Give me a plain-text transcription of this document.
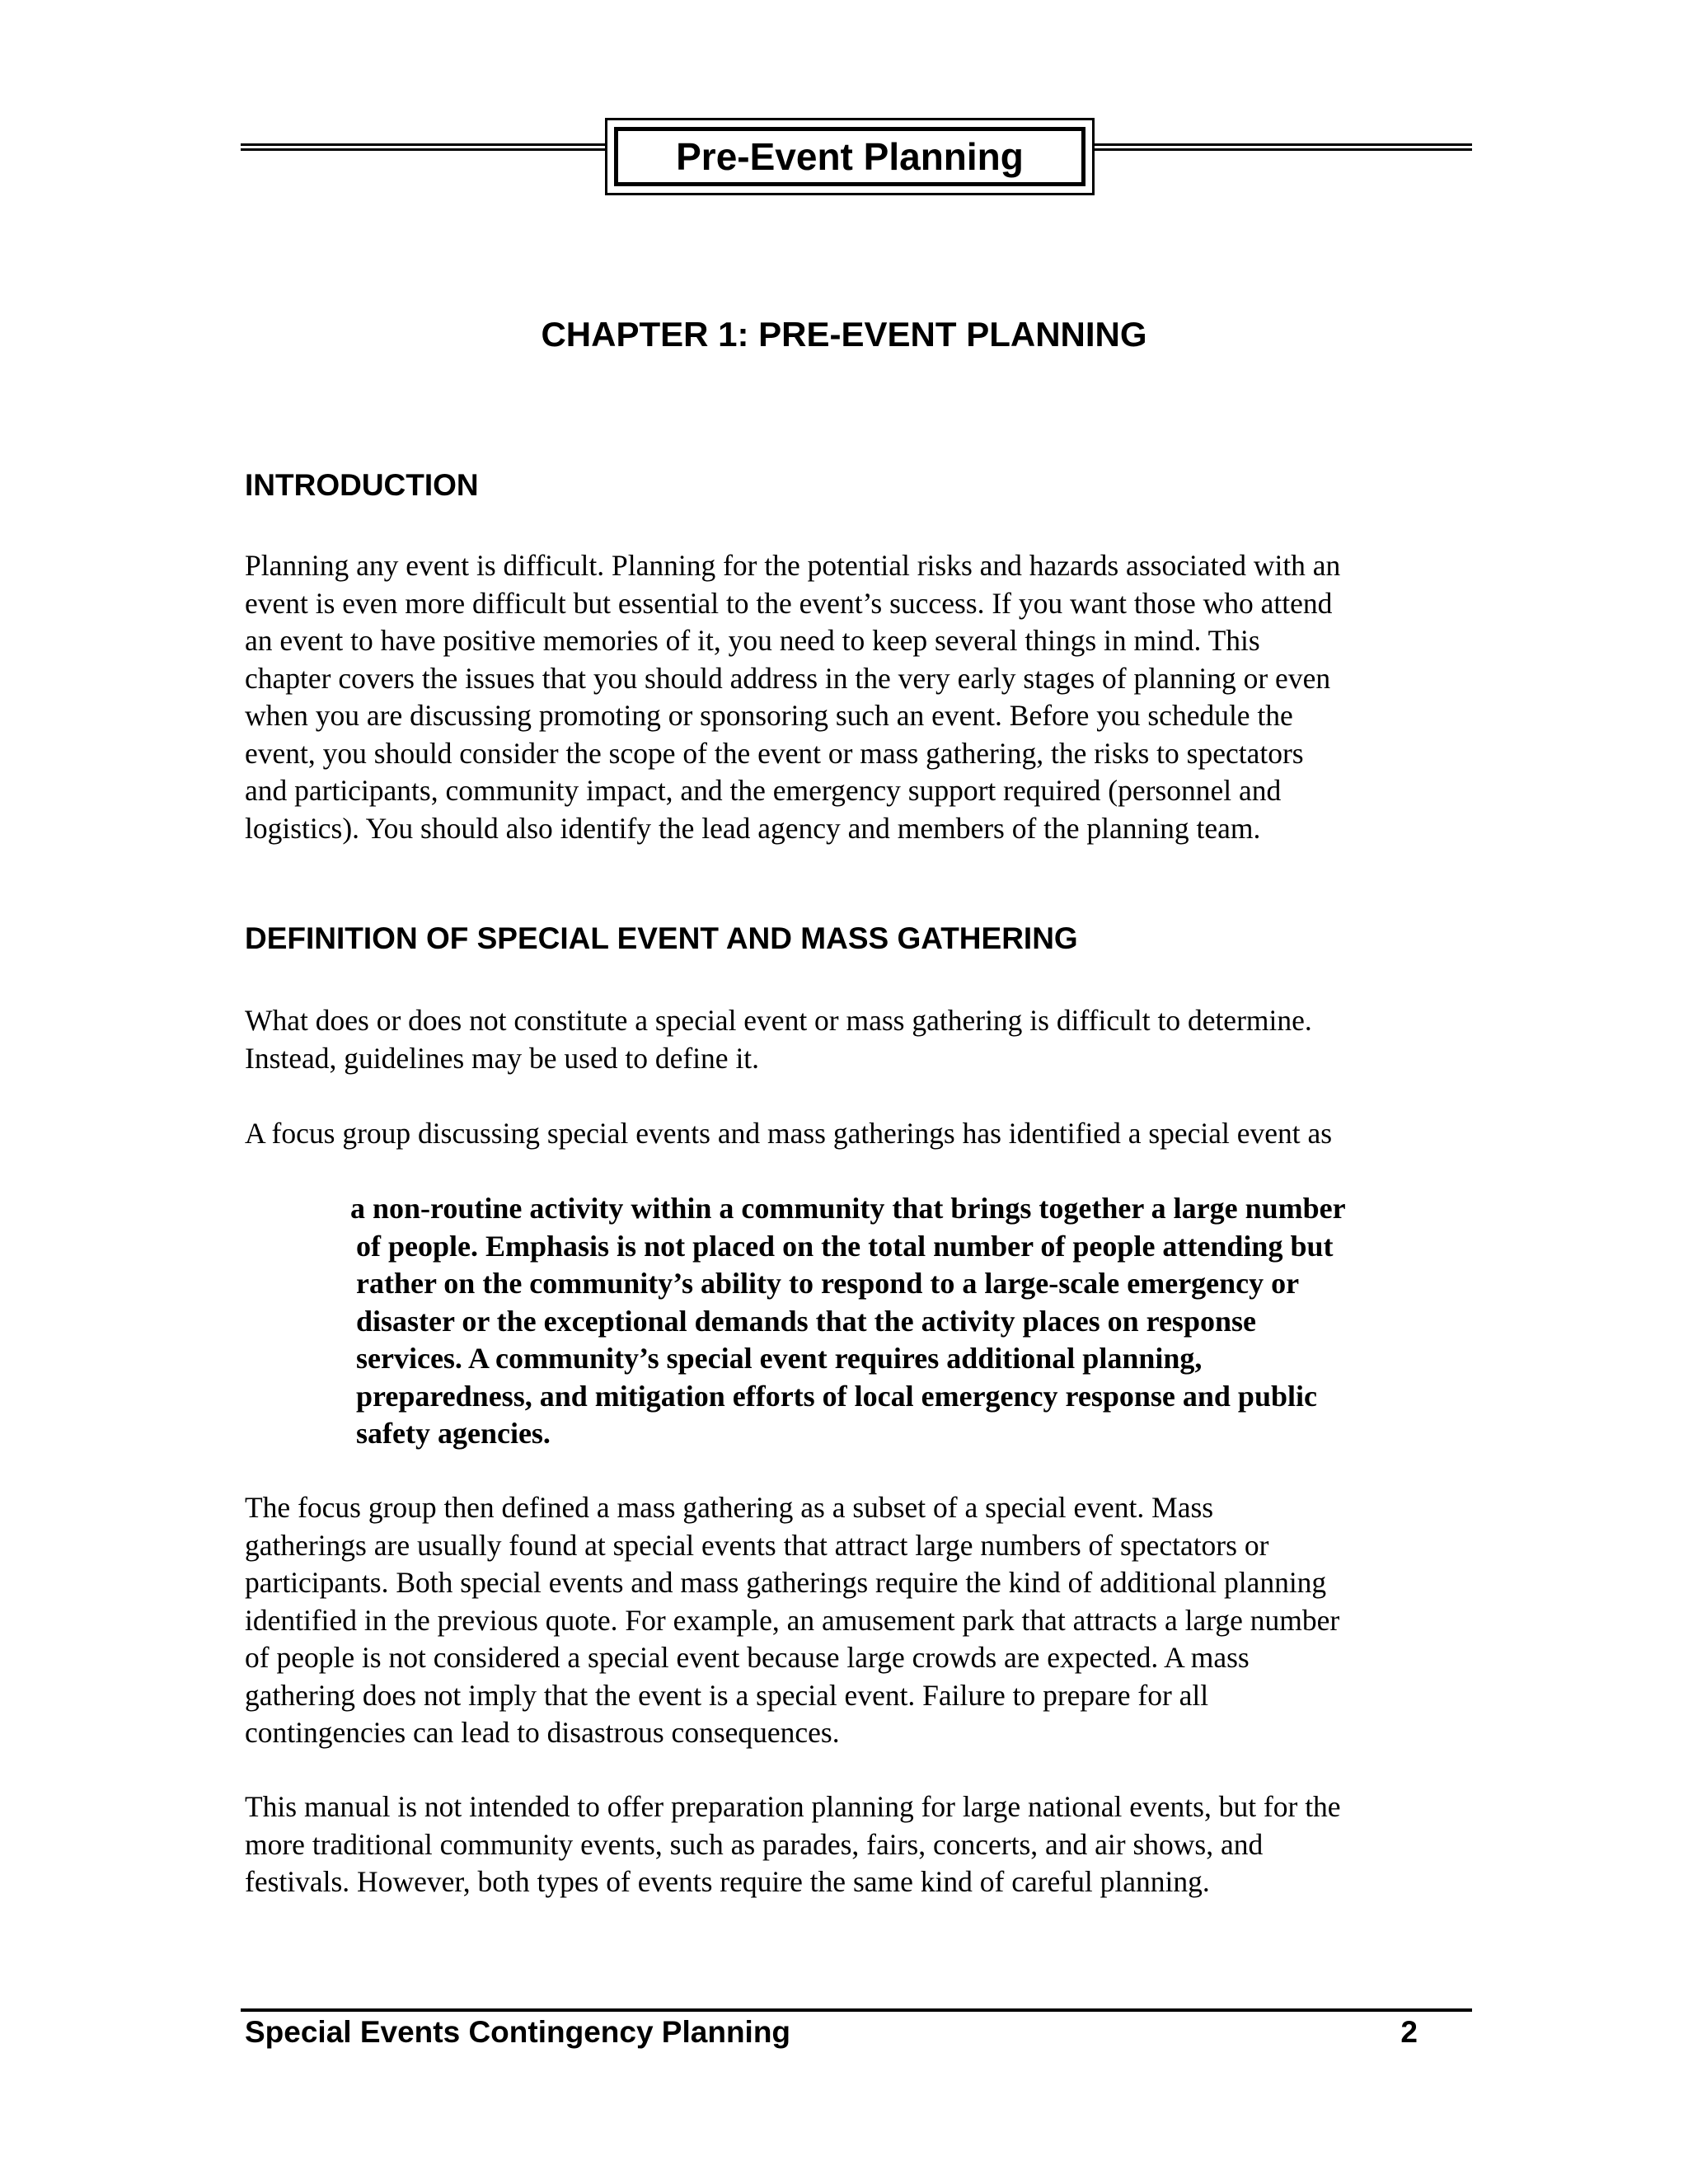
Pre-Event Planning
CHAPTER 1: PRE-EVENT PLANNING
INTRODUCTION
Planning any event is difficult. Planning for the potential risks and hazards associated with an
event is even more difficult but essential to the event’s success. If you want those who attend
an event to have positive memories of it, you need to keep several things in mind. This
chapter covers the issues that you should address in the very early stages of planning or even
when you are discussing promoting or sponsoring such an event. Before you schedule the
event, you should consider the scope of the event or mass gathering, the risks to spectators
and participants, community impact, and the emergency support required (personnel and
logistics). You should also identify the lead agency and members of the planning team.
DEFINITION OF SPECIAL EVENT AND MASS GATHERING
What does or does not constitute a special event or mass gathering is difficult to determine.
Instead, guidelines may be used to define it.
A focus group discussing special events and mass gatherings has identified a special event as
a non-routine activity within a community that brings together a large number
of people. Emphasis is not placed on the total number of people attending but
rather on the community’s ability to respond to a large-scale emergency or
disaster or the exceptional demands that the activity places on response
services. A community’s special event requires additional planning,
preparedness, and mitigation efforts of local emergency response and public
safety agencies.
The focus group then defined a mass gathering as a subset of a special event. Mass
gatherings are usually found at special events that attract large numbers of spectators or
participants. Both special events and mass gatherings require the kind of additional planning
identified in the previous quote. For example, an amusement park that attracts a large number
of people is not considered a special event because large crowds are expected. A mass
gathering does not imply that the event is a special event. Failure to prepare for all
contingencies can lead to disastrous consequences.
This manual is not intended to offer preparation planning for large national events, but for the
more traditional community events, such as parades, fairs, concerts, and air shows, and
festivals. However, both types of events require the same kind of careful planning.
Special Events Contingency Planning	2
